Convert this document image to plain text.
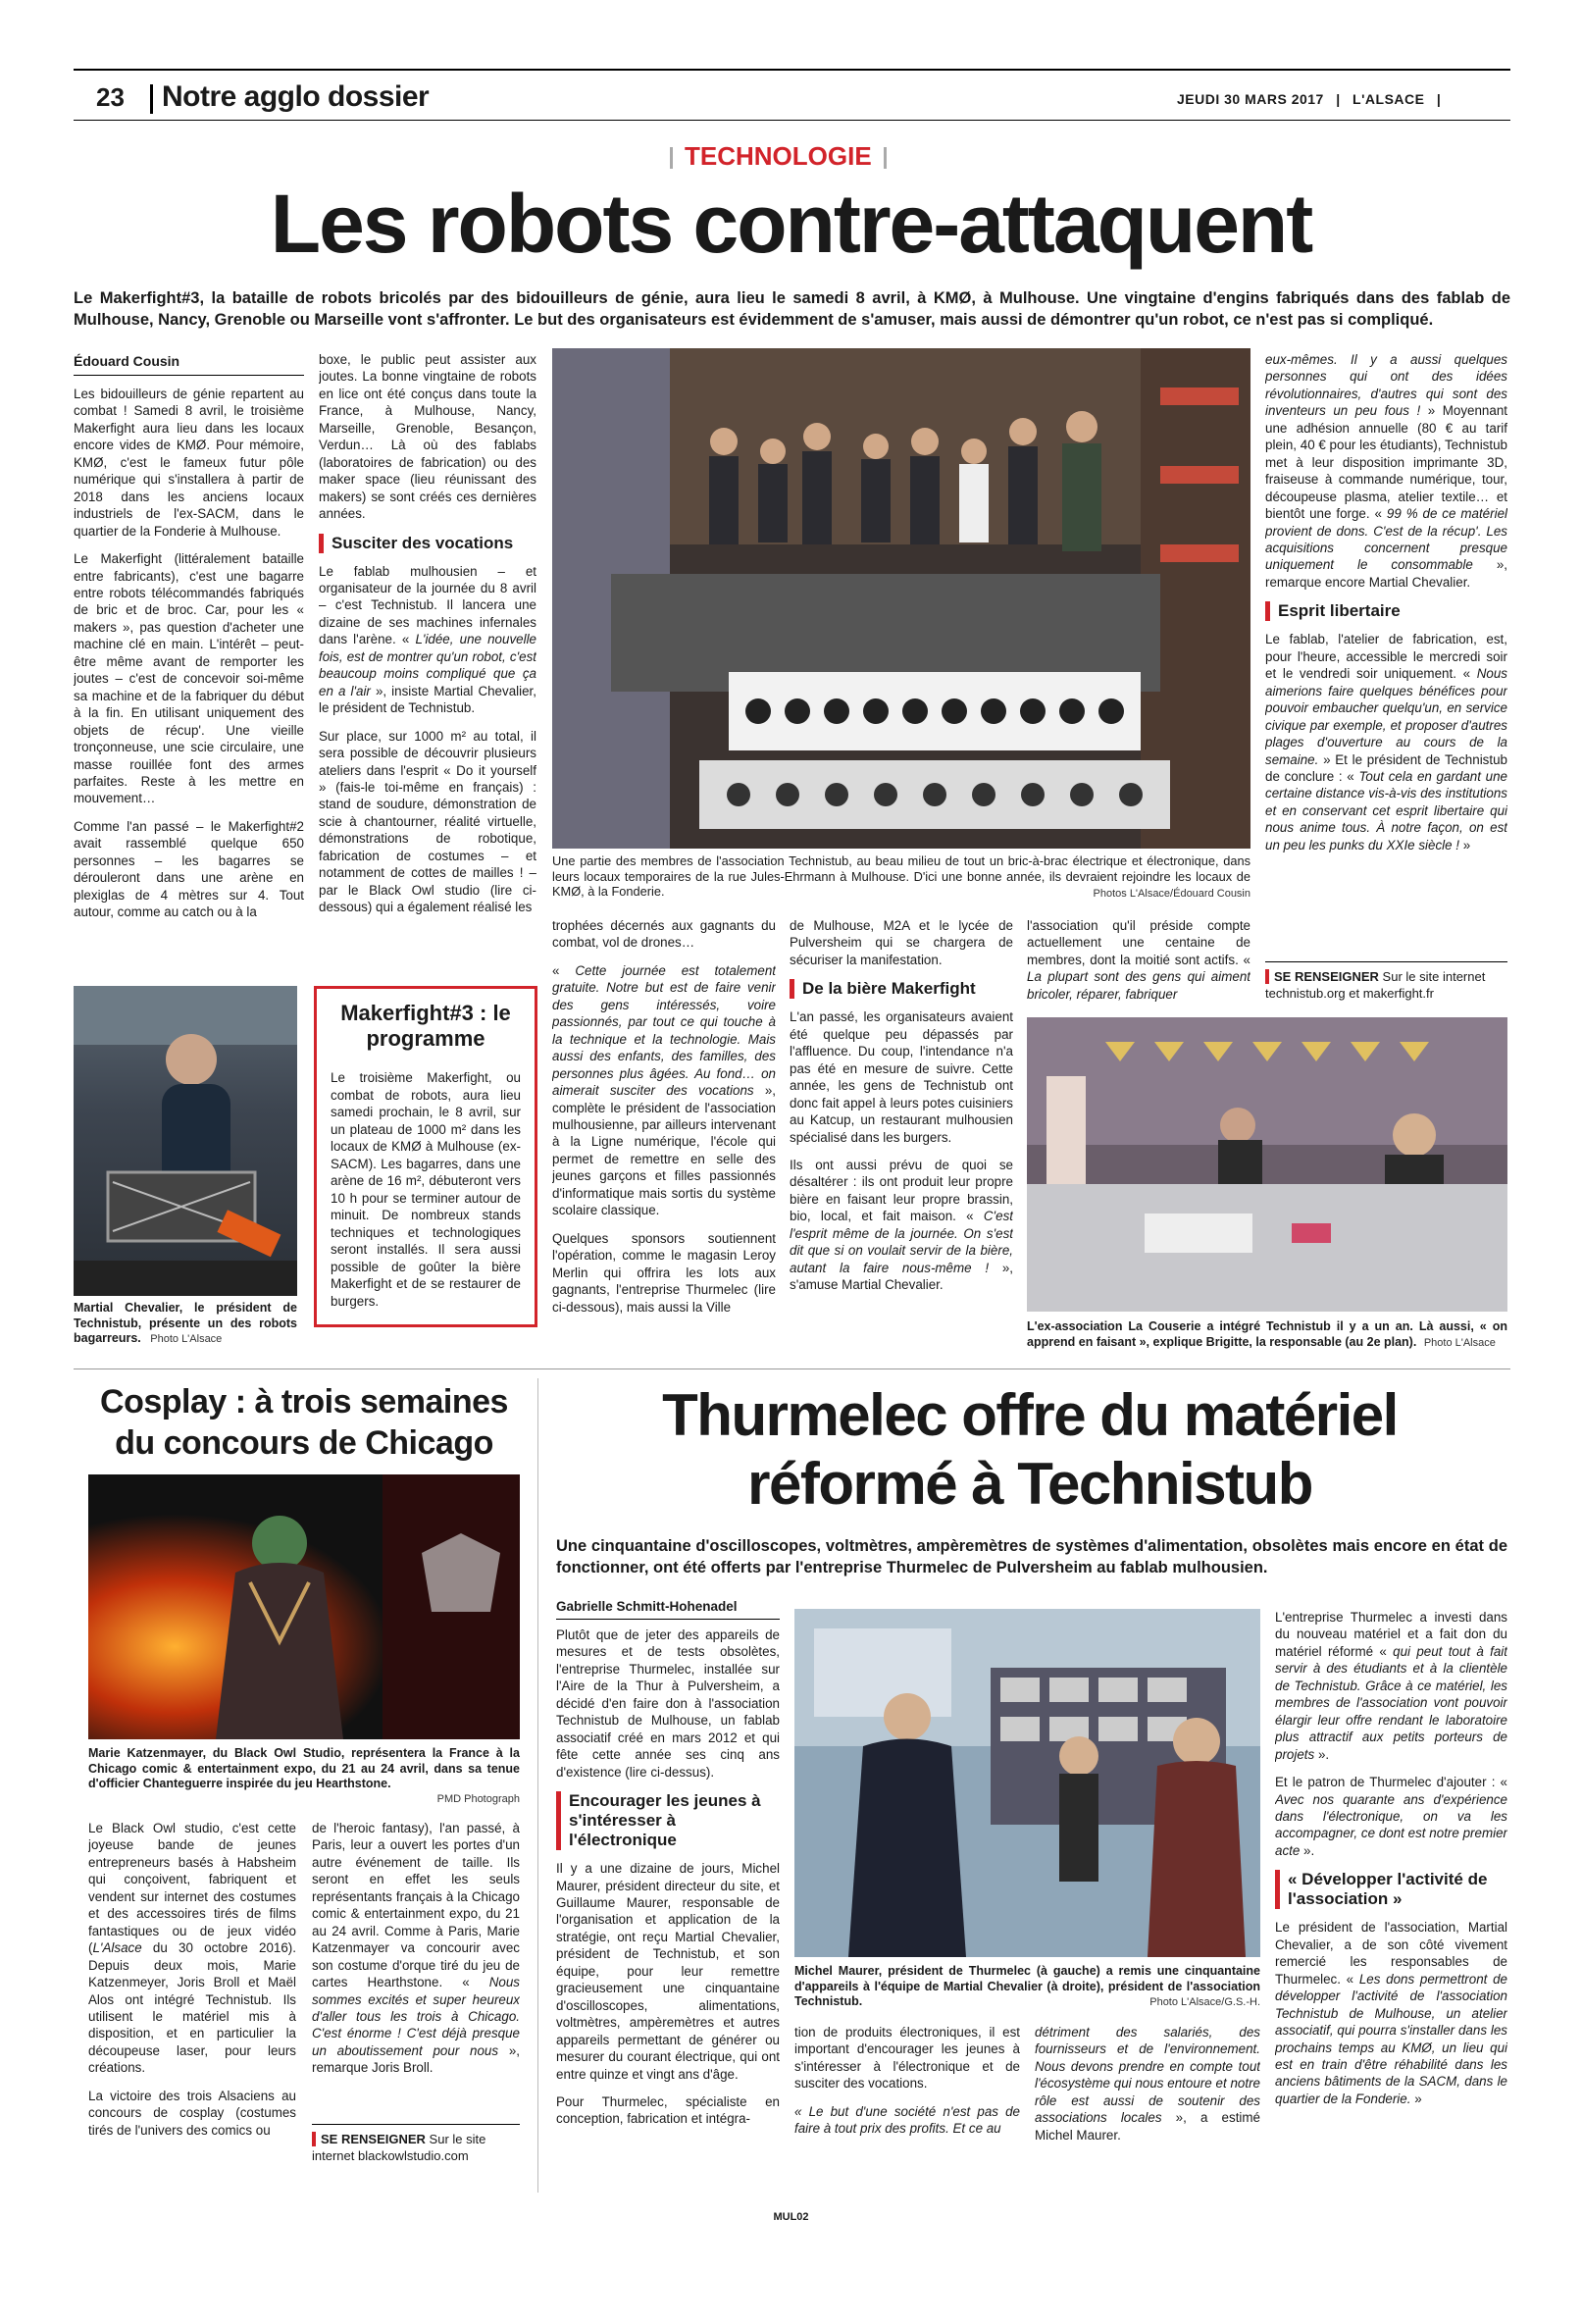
23 Notre agglo dossier	JEUDI 30 MARS 2017 | L'ALSACE |
TECHNOLOGIE
Les robots contre-attaquent
Le Makerfight#3, la bataille de robots bricolés par des bidouilleurs de génie, aura lieu le samedi 8 avril, à KMØ, à Mulhouse. Une vingtaine d'engins fabriqués dans des fablab de Mulhouse, Nancy, Grenoble ou Marseille vont s'affronter. Le but des organisateurs est évidemment de s'amuser, mais aussi de démontrer qu'un robot, ce n'est pas si compliqué.
Édouard Cousin

Les bidouilleurs de génie repartent au combat ! Samedi 8 avril, le troisième Makerfight aura lieu dans les locaux encore vides de KMØ. Pour mémoire, KMØ, c'est le fameux futur pôle numérique qui s'installera à partir de 2018 dans les anciens locaux industriels de l'ex-SACM, dans le quartier de la Fonderie à Mulhouse.

Le Makerfight (littéralement bataille entre fabricants), c'est une bagarre entre robots télécommandés fabriqués de bric et de broc. Car, pour les « makers », pas question d'acheter une machine clé en main. L'intérêt – peut-être même avant de remporter les joutes – c'est de concevoir soi-même sa machine et de la fabriquer du début à la fin. En utilisant uniquement des objets de récup'. Une vieille tronçonneuse, une scie circulaire, une masse rouillée font des armes parfaites. Reste à les mettre en mouvement…

Comme l'an passé – le Makerfight#2 avait rassemblé quelque 650 personnes – les bagarres se dérouleront dans une arène en plexiglas de 4 mètres sur 4. Tout autour, comme au catch ou à la

Martial Chevalier, le président de Technistub, présente un des robots bagarreurs. Photo L'Alsace

boxe, le public peut assister aux joutes. La bonne vingtaine de robots en lice ont été conçus dans toute la France, à Mulhouse, Nancy, Marseille, Grenoble, Besançon, Verdun… Là où des fablabs (laboratoires de fabrication) ou des maker space (lieu réunissant des makers) se sont créés ces dernières années.

Susciter des vocations

Le fablab mulhousien – et organisateur de la journée du 8 avril – c'est Technistub. Il lancera une dizaine de ses machines infernales dans l'arène. « L'idée, une nouvelle fois, est de montrer qu'un robot, c'est beaucoup moins compliqué que ça en a l'air », insiste Martial Chevalier, le président de Technistub.

Sur place, sur 1000 m² au total, il sera possible de découvrir plusieurs ateliers dans l'esprit « Do it yourself » (fais-le toi-même en français) : stand de soudure, démonstration de scie à chantourner, réalité virtuelle, démonstrations de robotique, fabrication de costumes – et notamment de cottes de mailles ! – par le Black Owl studio (lire ci-dessous) qui a également réalisé les

Makerfight#3 : le programme
Le troisième Makerfight, ou combat de robots, aura lieu samedi prochain, le 8 avril, sur un plateau de 1000 m² dans les locaux de KMØ à Mulhouse (ex-SACM). Les bagarres, dans une arène de 16 m², débuteront vers 10 h pour se terminer autour de minuit. De nombreux stands techniques et technologiques seront installés. Il sera aussi possible de goûter la bière Makerfight et de se restaurer de burgers.
Une partie des membres de l'association Technistub, au beau milieu de tout un bric-à-brac électrique et électronique, dans leurs locaux temporaires de la rue Jules-Ehrmann à Mulhouse. D'ici une bonne année, ils devraient rejoindre les locaux de KMØ, à la Fonderie.	Photos L'Alsace/Édouard Cousin

trophées décernés aux gagnants du combat, vol de drones…

« Cette journée est totalement gratuite. Notre but est de faire venir des gens intéressés, voire passionnés, par tout ce qui touche à la technique et la technologie. Mais aussi des enfants, des familles, des personnes plus âgées. Au fond… on aimerait susciter des vocations », complète le président de l'association mulhousienne, par ailleurs intervenant à la Ligne numérique, l'école qui permet de remettre en selle des jeunes garçons et filles passionnés d'informatique mais sortis du système scolaire classique.

Quelques sponsors soutiennent l'opération, comme le magasin Leroy Merlin qui offrira les lots aux gagnants, l'entreprise Thurmelec (lire ci-dessous), mais aussi la Ville

de Mulhouse, M2A et le lycée de Pulversheim qui se chargera de sécuriser la manifestation.

De la bière Makerfight

L'an passé, les organisateurs avaient été quelque peu dépassés par l'affluence. Du coup, l'intendance n'a pas été en mesure de suivre. Cette année, les gens de Technistub ont donc fait appel à leurs potes cuisiniers au Katcup, un restaurant mulhousien spécialisé dans les burgers.

Ils ont aussi prévu de quoi se désaltérer : ils ont produit leur propre bière en faisant leur propre brassin, bio, local, et fait maison. « C'est l'esprit même de la journée. On s'est dit que si on voulait servir de la bière, autant la faire nous-même ! », s'amuse Martial Chevalier.

l'association qu'il préside compte actuellement une centaine de membres, dont la moitié sont actifs. « La plupart sont des gens qui aiment bricoler, réparer, fabriquer

L'ex-association La Couserie a intégré Technistub il y a un an. Là aussi, « on apprend en faisant », explique Brigitte, la responsable (au 2e plan). Photo L'Alsace

eux-mêmes. Il y a aussi quelques personnes qui ont des idées révolutionnaires, d'autres qui sont des inventeurs un peu fous ! » Moyennant une adhésion annuelle (80 € au tarif plein, 40 € pour les étudiants), Technistub met à leur disposition imprimante 3D, fraiseuse à commande numérique, tour, découpeuse plasma, atelier textile… et bientôt une forge. « 99 % de ce matériel provient de dons. C'est de la récup'. Les acquisitions concernent presque uniquement le consommable », remarque encore Martial Chevalier.

Esprit libertaire

Le fablab, l'atelier de fabrication, est, pour l'heure, accessible le mercredi soir et le vendredi soir uniquement. « Nous aimerions faire quelques bénéfices pour pouvoir embaucher quelqu'un, en service civique par exemple, et proposer d'autres plages d'ouverture au cours de la semaine. » Et le président de Technistub de conclure : « Tout cela en gardant une certaine distance vis-à-vis des institutions et en conservant cet esprit libertaire qui nous anime tous. À notre façon, on est un peu les punks du XXIe siècle ! »

SE RENSEIGNER Sur le site internet technistub.org et makerfight.fr
Cosplay : à trois semaines du concours de Chicago
Marie Katzenmayer, du Black Owl Studio, représentera la France à la Chicago comic & entertainment expo, du 21 au 24 avril, dans sa tenue d'officier Chanteguerre inspirée du jeu Hearthstone.
PMD Photograph

Le Black Owl studio, c'est cette joyeuse bande de jeunes entrepreneurs basés à Habsheim qui conçoivent, fabriquent et vendent sur internet des costumes et des accessoires tirés de films fantastiques ou de jeux vidéo (L'Alsace du 30 octobre 2016). Depuis deux mois, Marie Katzenmeyer, Joris Broll et Maël Alos ont intégré Technistub. Ils utilisent le matériel mis à disposition, et en particulier la découpeuse laser, pour leurs créations.

La victoire des trois Alsaciens au concours de cosplay (costumes tirés de l'univers des comics ou

de l'heroic fantasy), l'an passé, à Paris, leur a ouvert les portes d'un autre événement de taille. Ils seront en effet les seuls représentants français à la Chicago comic & entertainment expo, du 21 au 24 avril. Comme à Paris, Marie Katzenmayer va concourir avec son costume d'orque tiré du jeu de cartes Hearthstone. « Nous sommes excités et super heureux d'aller tous les trois à Chicago. C'est énorme ! C'est déjà presque un aboutissement pour nous », remarque Joris Broll.

SE RENSEIGNER Sur le site internet blackowlstudio.com
Thurmelec offre du matériel
réformé à Technistub
Une cinquantaine d'oscilloscopes, voltmètres, ampèremètres de systèmes d'alimentation, obsolètes mais encore en état de fonctionner, ont été offerts par l'entreprise Thurmelec de Pulversheim au fablab mulhousien.
Gabrielle Schmitt-Hohenadel

Plutôt que de jeter des appareils de mesures et de tests obsolètes, l'entreprise Thurmelec, installée sur l'Aire de la Thur à Pulversheim, a décidé d'en faire don à l'association Technistub de Mulhouse, un fablab associatif créé en mars 2012 et qui fête cette année ses cinq ans d'existence (lire ci-dessus).

Encourager les jeunes à s'intéresser à l'électronique

Il y a une dizaine de jours, Michel Maurer, président directeur du site, et Guillaume Maurer, responsable de l'organisation et application de la stratégie, ont reçu Martial Chevalier, président de Technistub, et son équipe, pour leur remettre gracieusement une cinquantaine d'oscilloscopes, alimentations, voltmètres, ampèremètres et autres appareils permettant de générer ou mesurer du courant électrique, qui ont entre quinze et vingt ans d'âge.

Pour Thurmelec, spécialiste en conception, fabrication et intégra-

Michel Maurer, président de Thurmelec (à gauche) a remis une cinquantaine d'appareils à l'équipe de Martial Chevalier (à droite), président de l'association Technistub.	Photo L'Alsace/G.S.-H.

tion de produits électroniques, il est important d'encourager les jeunes à s'intéresser à l'électronique et de susciter des vocations.

« Le but d'une société n'est pas de faire à tout prix des profits. Et ce au

détriment des salariés, des fournisseurs et de l'environnement. Nous devons prendre en compte tout l'écosystème qui nous entoure et notre rôle est aussi de soutenir des associations locales », a estimé Michel Maurer.

L'entreprise Thurmelec a investi dans du nouveau matériel et a fait don du matériel réformé « qui peut tout à fait servir à des étudiants et à la clientèle de Technistub. Grâce à ce matériel, les membres de l'association vont pouvoir élargir leur offre rendant le laboratoire plus attractif aux petits porteurs de projets ».

Et le patron de Thurmelec d'ajouter : « Avec nos quarante ans d'expérience dans l'électronique, on va les accompagner, ce dont est notre premier acte ».

« Développer l'activité de l'association »

Le président de l'association, Martial Chevalier, a de son côté vivement remercié les responsables de Thurmelec. « Les dons permettront de développer l'activité de l'association Technistub de Mulhouse, un atelier associatif, qui pourra s'installer dans les prochains temps au KMØ, un lieu qui est en train d'être réhabilité dans les anciens bâtiments de la SACM, dans le quartier de la Fonderie. »

MUL02
